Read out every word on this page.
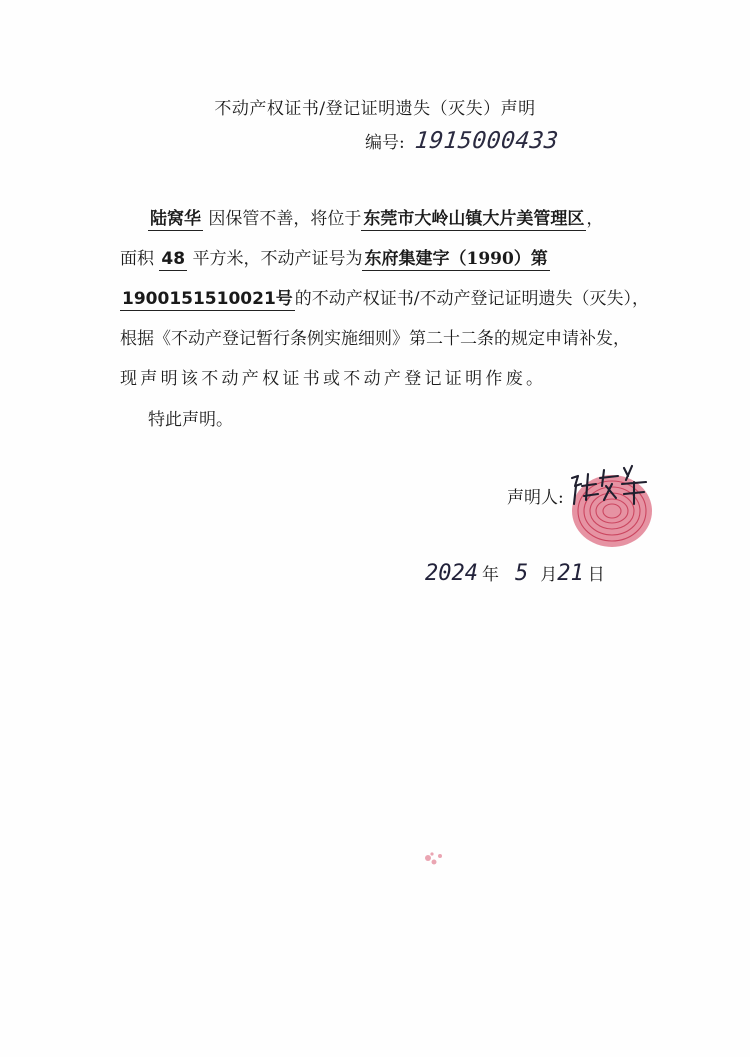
不动产权证书/登记证明遗失（灭失）声明
编号: 1915000433
陆窝华 因保管不善，将位于 东莞市大岭山镇大片美管理区 ，
面积 48 平方米，不动产证号为 东府集建字（1990）第
1900151510021号 的不动产权证书/不动产登记证明遗失（灭失），
根据《不动产登记暂行条例实施细则》第二十二条的规定申请补发，
现声明该不动产权证书或不动产登记证明作废。
特此声明。
声明人:
2024 年 5 月 21 日
